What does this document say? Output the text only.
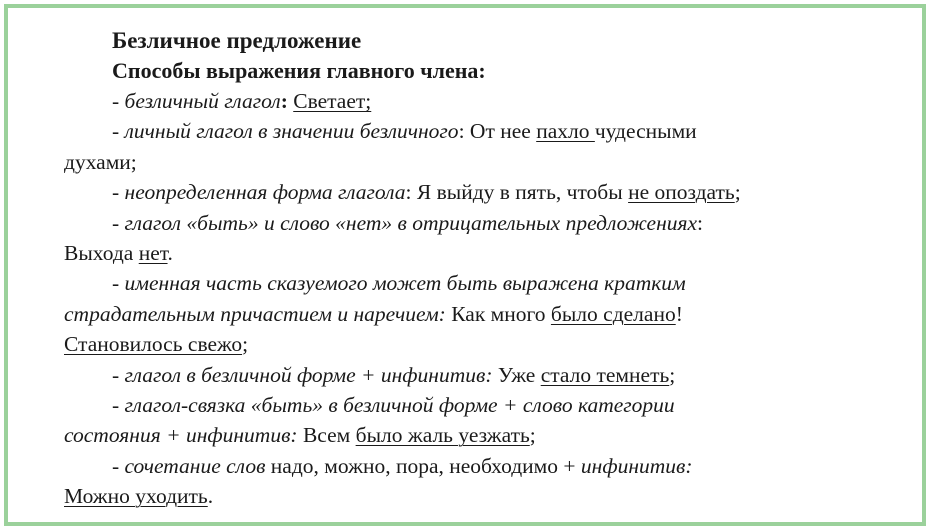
Безличное предложение
Способы выражения главного члена:
- безличный глагол: Светает;
- личный глагол в значении безличного: От нее пахло чудесными
духами;
- неопределенная форма глагола: Я выйду в пять, чтобы не опоздать;
- глагол «быть» и слово «нет» в отрицательных предложениях:
Выхода нет.
- именная часть сказуемого может быть выражена кратким
страдательным причастием и наречием: Как много было сделано!
Становилось свежо;
- глагол в безличной форме + инфинитив: Уже стало темнеть;
- глагол-связка «быть» в безличной форме + слово категории
состояния + инфинитив: Всем было жаль уезжать;
- сочетание слов надо, можно, пора, необходимо + инфинитив:
Можно уходить.
